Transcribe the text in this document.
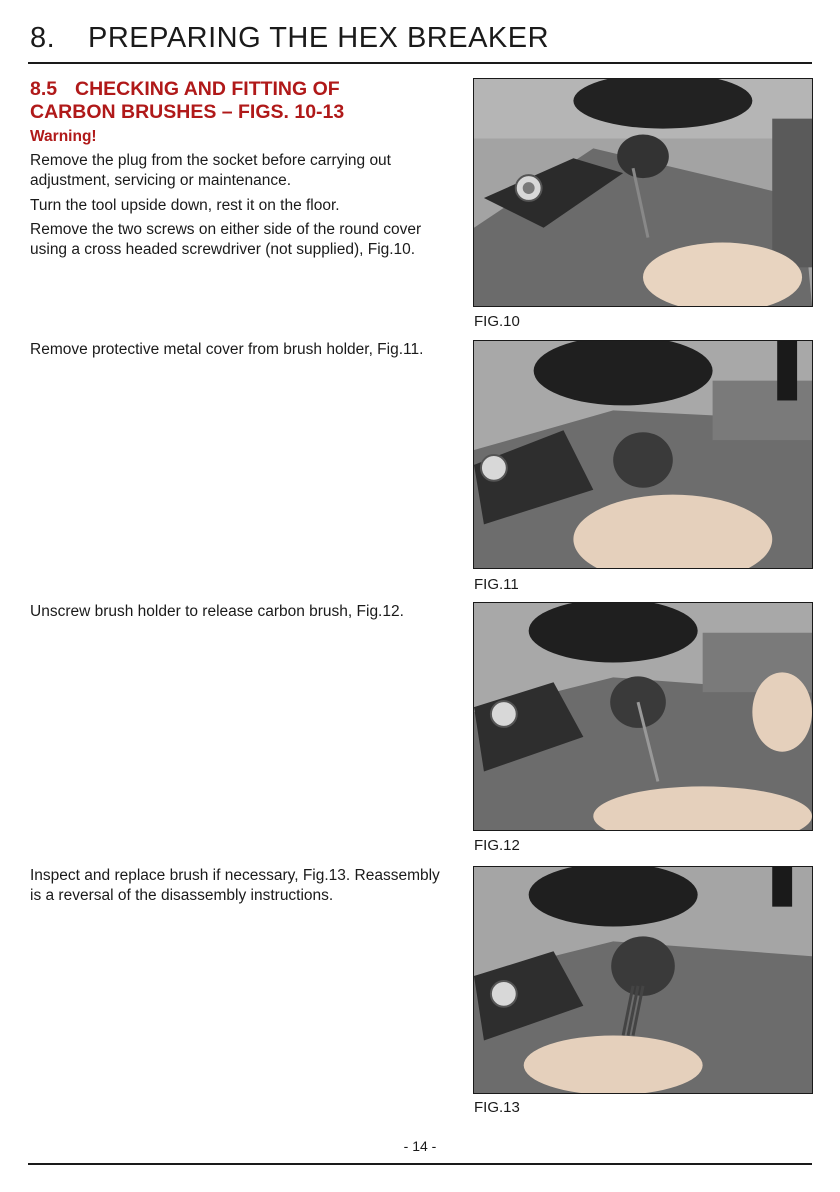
8. PREPARING THE HEX BREAKER
8.5 CHECKING AND FITTING OF
CARBON BRUSHES – FIGS. 10-13
Warning!
Remove the plug from the socket before carrying out adjustment, servicing or maintenance.
Turn the tool upside down, rest it on the floor.
Remove the two screws on either side of the round cover using a cross headed screwdriver (not supplied), Fig.10.
Remove protective metal cover from brush holder, Fig.11.
Unscrew brush holder to release carbon brush, Fig.12.
Inspect and replace brush if necessary, Fig.13. Reassembly is a reversal of the disassembly instructions.
FIG.10
FIG.11
FIG.12
FIG.13
- 14 -
